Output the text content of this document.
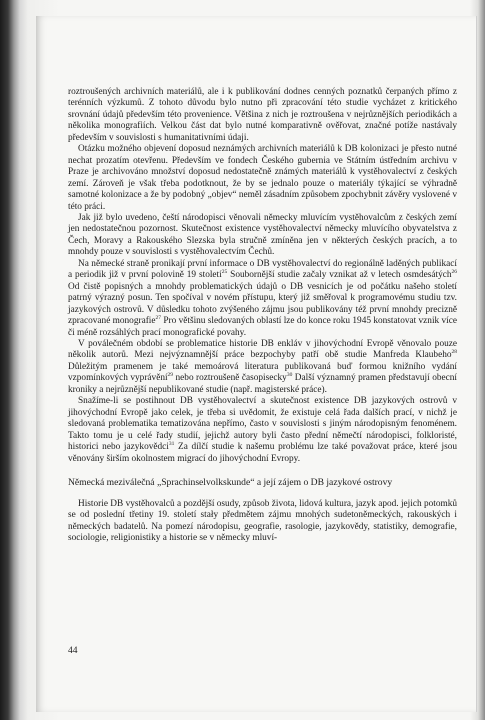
roztroušených archivních materiálů, ale i k publikování dodnes cenných poznatků čerpaných přímo z terénních výzkumů. Z tohoto důvodu bylo nutno při zpracování této studie vycházet z kritického srovnání údajů především této provenience. Většina z nich je roztroušena v nejrůznějších periodikách a několika monografiích. Velkou část dat bylo nutné komparativně ověřovat, značné potíže nastávaly především v souvislosti s humanitativními údaji.

Otázku možného objevení doposud neznámých archivních materiálů k DB kolonizaci je přesto nutné nechat prozatím otevřenu. Především ve fondech Českého gubernia ve Státním ústředním archivu v Praze je archivováno množství doposud nedostatečně známých materiálů k vystěhovalectví z českých zemí. Zároveň je však třeba podotknout, že by se jednalo pouze o materiály týkající se výhradně samotné kolonizace a že by podobný „objev“ neměl zásadním způsobem zpochybnit závěry vyslovené v této práci.

Jak již bylo uvedeno, čeští národopisci věnovali německy mluvícím vystěhovalcům z českých zemí jen nedostatečnou pozornost. Skutečnost existence vystěhovalectví německy mluvícího obyvatelstva z Čech, Moravy a Rakouského Slezska byla stručně zmíněna jen v některých českých pracích, a to mnohdy pouze v souvislosti s vystěhovalectvím Čechů.

Na německé straně pronikají první informace o DB vystěhovalectví do regionálně laděných publikací a periodik již v první polovině 19 století$^{25}$ Soubornější studie začaly vznikat až v letech osmdesátých$^{26}$ Od čistě popisných a mnohdy problematických údajů o DB vesnicích je od počátku našeho století patrný výrazný posun. Ten spočíval v novém přístupu, který již směřoval k programovému studiu tzv. jazykových ostrovů. V důsledku tohoto zvýšeného zájmu jsou publikovány též první mnohdy precizně zpracované monografie$^{27}$ Pro většinu sledovaných oblastí lze do konce roku 1945 konstatovat vznik více či méně rozsáhlých prací monografické povahy.

V poválečném období se problematice historie DB enkláv v jihovýchodní Evropě věnovalo pouze několik autorů. Mezi nejvýznamnější práce bezpochyby patří obě studie Manfreda Klaubeho$^{28}$ Důležitým pramenem je také memoárová literatura publikovaná buď formou knižního vydání vzpomínkových vyprávění$^{29}$ nebo roztroušeně časopisecky$^{30}$ Další významný pramen představují obecní kroniky a nejrůznější nepublikované studie (např. magisterské práce).

Snažíme-li se postihnout DB vystěhovalectví a skutečnost existence DB jazykových ostrovů v jihovýchodní Evropě jako celek, je třeba si uvědomit, že existuje celá řada dalších prací, v nichž je sledovaná problematika tematizována nepřímo, často v souvislosti s jiným národopisným fenoménem. Takto tomu je u celé řady studií, jejichž autory byli často přední němečtí národopisci, folkloristé, historici nebo jazykovědci$^{31}$ Za dílčí studie k našemu problému lze také považovat práce, které jsou věnovány širším okolnostem migrací do jihovýchodní Evropy.

Německá meziválečná „Sprachinselvolkskunde“ a její zájem o DB jazykové ostrovy

Historie DB vystěhovalců a pozdější osudy, způsob života, lidová kultura, jazyk apod. jejich potomků se od poslední třetiny 19. století stały předmětem zájmu mnohých sudetoněmeckých, rakouských i německých badatelů. Na pomezí národopisu, geografie, rasologie, jazykovědy, statistiky, demografie, sociologie, religionistiky a historie se v německy mluví-

44
